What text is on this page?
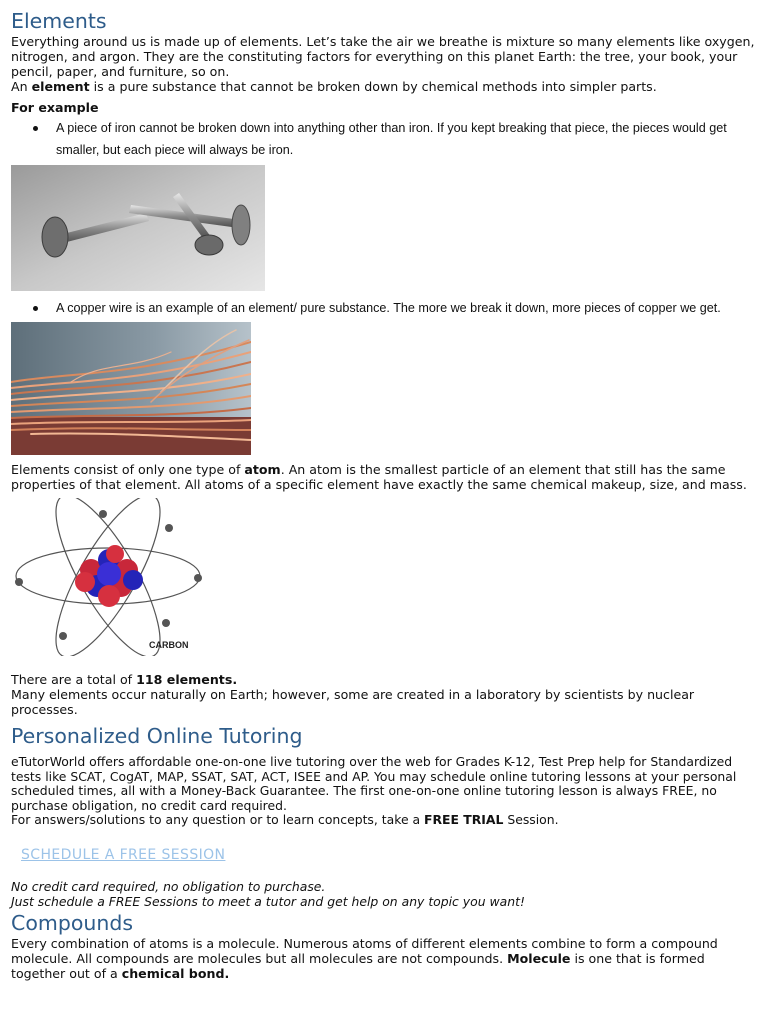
Elements

Everything around us is made up of elements. Let’s take the air we breathe is mixture so many elements like oxygen, nitrogen, and argon. They are the constituting factors for everything on this planet Earth: the tree, your book, your pencil, paper, and furniture, so on.

An element is a pure substance that cannot be broken down by chemical methods into simpler parts.

For example

A piece of iron cannot be broken down into anything other than iron. If you kept breaking that piece, the pieces would get smaller, but each piece will always be iron.
A copper wire is an example of an element/ pure substance. The more we break it down, more pieces of copper we get.

Elements consist of only one type of atom. An atom is the smallest particle of an element that still has the same properties of that element. All atoms of a specific element have exactly the same chemical makeup, size, and mass.

CARBON

There are a total of 118 elements.

Many elements occur naturally on Earth; however, some are created in a laboratory by scientists by nuclear processes.

Personalized Online Tutoring

eTutorWorld offers affordable one-on-one live tutoring over the web for Grades K-12, Test Prep help for Standardized tests like SCAT, CogAT, MAP, SSAT, SAT, ACT, ISEE and AP. You may schedule online tutoring lessons at your personal scheduled times, all with a Money-Back Guarantee. The first one-on-one online tutoring lesson is always FREE, no purchase obligation, no credit card required.

For answers/solutions to any question or to learn concepts, take a FREE TRIAL Session.

SCHEDULE A FREE SESSION

No credit card required, no obligation to purchase.

Just schedule a FREE Sessions to meet a tutor and get help on any topic you want!

Compounds

Every combination of atoms is a molecule. Numerous atoms of different elements combine to form a compound molecule. All compounds are molecules but all molecules are not compounds. Molecule is one that is formed together out of a chemical bond.
